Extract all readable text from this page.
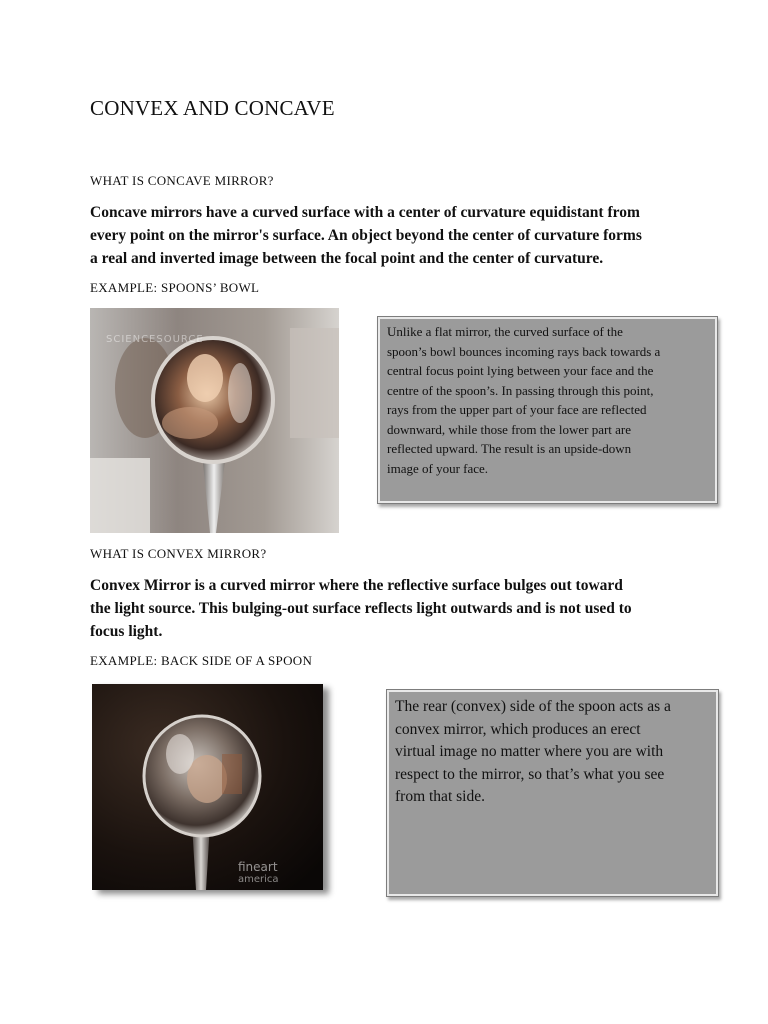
CONVEX AND CONCAVE
WHAT IS CONCAVE MIRROR?
Concave mirrors have a curved surface with a center of curvature equidistant from
every point on the mirror's surface. An object beyond the center of curvature forms
a real and inverted image between the focal point and the center of curvature.
EXAMPLE: SPOONS’ BOWL
SCIENCESOURCE
Unlike a flat mirror, the curved surface of the
spoon’s bowl bounces incoming rays back towards a
central focus point lying between your face and the
centre of the spoon’s. In passing through this point,
rays from the upper part of your face are reflected
downward, while those from the lower part are
reflected upward. The result is an upside-down
image of your face.
WHAT IS CONVEX MIRROR?
Convex Mirror is a curved mirror where the reflective surface bulges out toward
the light source. This bulging-out surface reflects light outwards and is not used to
focus light.
EXAMPLE: BACK SIDE OF A SPOON
fineart
america
The rear (convex) side of the spoon acts as a
convex mirror, which produces an erect
virtual image no matter where you are with
respect to the mirror, so that’s what you see
from that side.
